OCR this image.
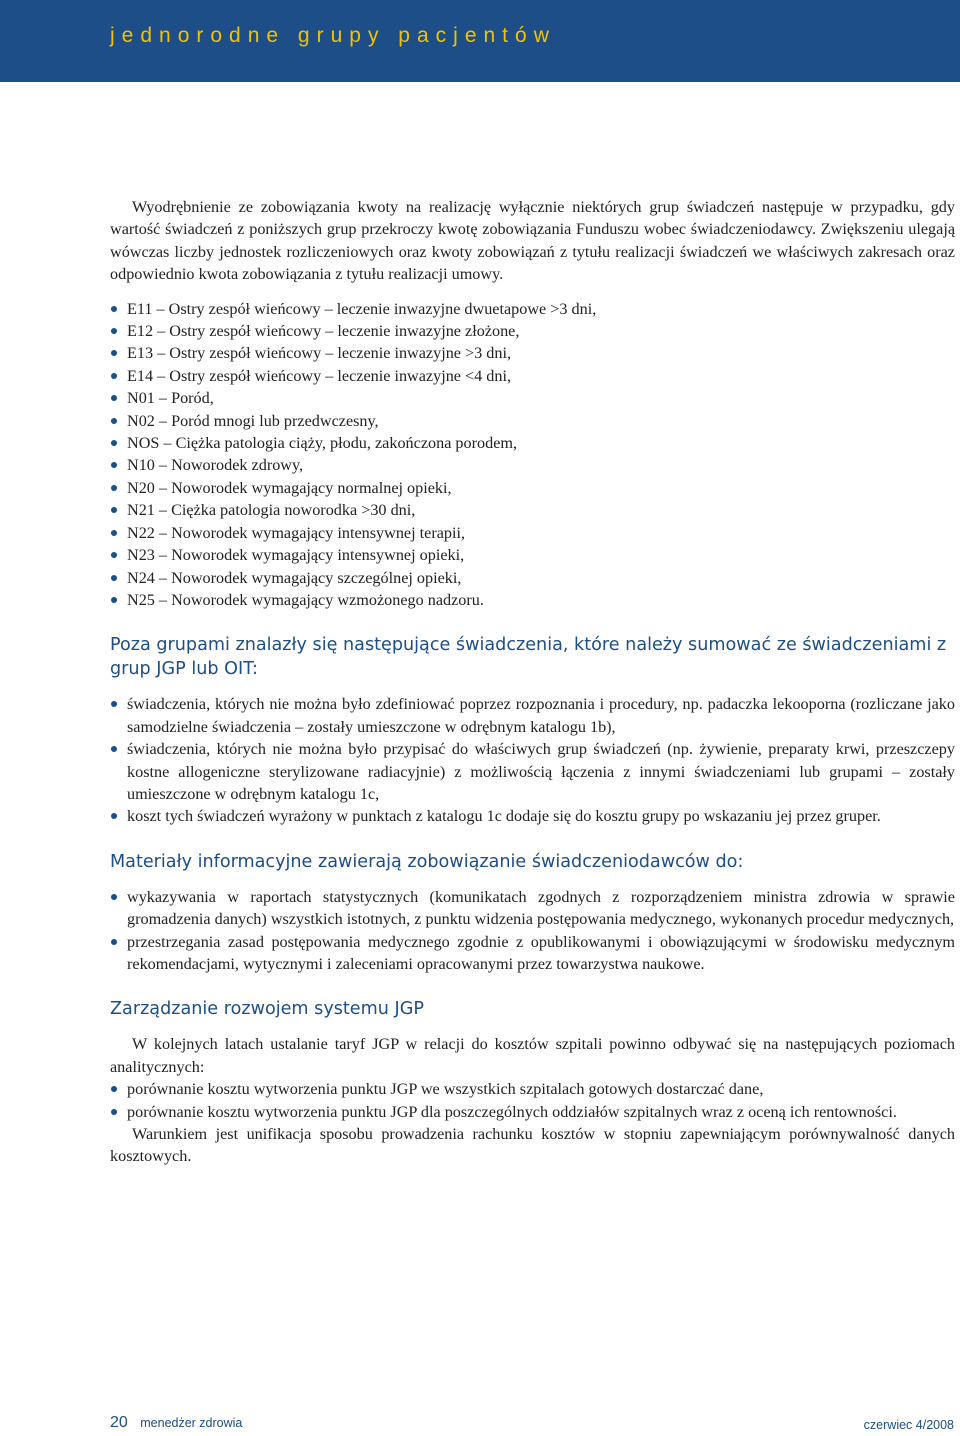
jednorodne grupy pacjentów

Wyodrębnienie ze zobowiązania kwoty na realizację wyłącznie niektórych grup świadczeń następuje w przypadku, gdy wartość świadczeń z poniższych grup przekroczy kwotę zobowiązania Funduszu wobec świadczeniodawcy. Zwiększeniu ulegają wówczas liczby jednostek rozliczeniowych oraz kwoty zobowiązań z tytułu realizacji świadczeń we właściwych zakresach oraz odpowiednio kwota zobowiązania z tytułu realizacji umowy.

E11 – Ostry zespół wieńcowy – leczenie inwazyjne dwuetapowe >3 dni,
E12 – Ostry zespół wieńcowy – leczenie inwazyjne złożone,
E13 – Ostry zespół wieńcowy – leczenie inwazyjne >3 dni,
E14 – Ostry zespół wieńcowy – leczenie inwazyjne <4 dni,
N01 – Poród,
N02 – Poród mnogi lub przedwczesny,
NOS – Ciężka patologia ciąży, płodu, zakończona porodem,
N10 – Noworodek zdrowy,
N20 – Noworodek wymagający normalnej opieki,
N21 – Ciężka patologia noworodka >30 dni,
N22 – Noworodek wymagający intensywnej terapii,
N23 – Noworodek wymagający intensywnej opieki,
N24 – Noworodek wymagający szczególnej opieki,
N25 – Noworodek wymagający wzmożonego nadzoru.
Poza grupami znalazły się następujące świadczenia, które należy sumować ze świadczeniami z grup JGP lub OIT:
świadczenia, których nie można było zdefiniować poprzez rozpoznania i procedury, np. padaczka lekooporna (rozliczane jako samodzielne świadczenia – zostały umieszczone w odrębnym katalogu 1b),
świadczenia, których nie można było przypisać do właściwych grup świadczeń (np. żywienie, preparaty krwi, przeszczepy kostne allogeniczne sterylizowane radiacyjnie) z możliwością łączenia z innymi świadczeniami lub grupami – zostały umieszczone w odrębnym katalogu 1c,
koszt tych świadczeń wyrażony w punktach z katalogu 1c dodaje się do kosztu grupy po wskazaniu jej przez gruper.
Materiały informacyjne zawierają zobowiązanie świadczeniodawców do:
wykazywania w raportach statystycznych (komunikatach zgodnych z rozporządzeniem ministra zdrowia w sprawie gromadzenia danych) wszystkich istotnych, z punktu widzenia postępowania medycznego, wykonanych procedur medycznych,
przestrzegania zasad postępowania medycznego zgodnie z opublikowanymi i obowiązującymi w środowisku medycznym rekomendacjami, wytycznymi i zaleceniami opracowanymi przez towarzystwa naukowe.
Zarządzanie rozwojem systemu JGP

W kolejnych latach ustalanie taryf JGP w relacji do kosztów szpitali powinno odbywać się na następujących poziomach analitycznych:

porównanie kosztu wytworzenia punktu JGP we wszystkich szpitalach gotowych dostarczać dane,
porównanie kosztu wytworzenia punktu JGP dla poszczególnych oddziałów szpitalnych wraz z oceną ich rentowności.

Warunkiem jest unifikacja sposobu prowadzenia rachunku kosztów w stopniu zapewniającym porównywalność danych kosztowych.

20 menedżer zdrowia	czerwiec 4/2008
